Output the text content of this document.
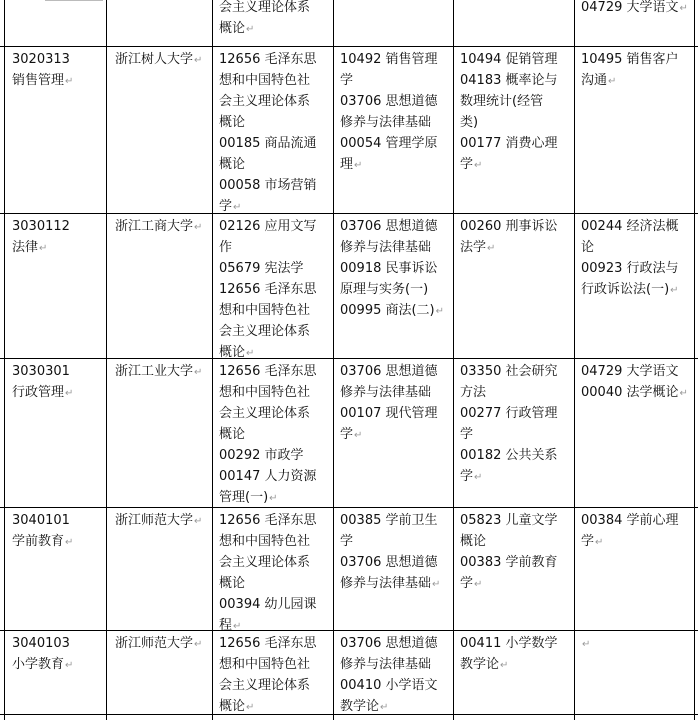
会主义理论体系
概论↵
04729 大学语文↵
3020313
销售管理↵
浙江树人大学↵ 12656 毛泽东思
想和中国特色社
会主义理论体系
概论
00185 商品流通
概论
00058 市场营销
学↵
10492 销售管理
学
03706 思想道德
修养与法律基础
00054 管理学原
理↵
10494 促销管理
04183 概率论与
数理统计(经管
类)
00177 消费心理
学↵
10495 销售客户
沟通↵
3030112
法律↵
浙江工商大学↵ 02126 应用文写
作
05679 宪法学
12656 毛泽东思
想和中国特色社
会主义理论体系
概论↵
03706 思想道德
修养与法律基础
00918 民事诉讼
原理与实务(一)
00995 商法(二)↵
00260 刑事诉讼
法学↵
00244 经济法概
论
00923 行政法与
行政诉讼法(一)↵
3030301
行政管理↵
浙江工业大学↵ 12656 毛泽东思
想和中国特色社
会主义理论体系
概论
00292 市政学
00147 人力资源
管理(一)↵
03706 思想道德
修养与法律基础
00107 现代管理
学↵
03350 社会研究
方法
00277 行政管理
学
00182 公共关系
学↵
04729 大学语文
00040 法学概论↵
3040101
学前教育↵
浙江师范大学↵ 12656 毛泽东思
想和中国特色社
会主义理论体系
概论
00394 幼儿园课
程↵
00385 学前卫生
学
03706 思想道德
修养与法律基础↵
05823 儿童文学
概论
00383 学前教育
学↵
00384 学前心理
学↵
3040103
小学教育↵
浙江师范大学↵ 12656 毛泽东思
想和中国特色社
会主义理论体系
概论↵
03706 思想道德
修养与法律基础
00410 小学语文
教学论↵
00411 小学数学
教学论↵
↵
